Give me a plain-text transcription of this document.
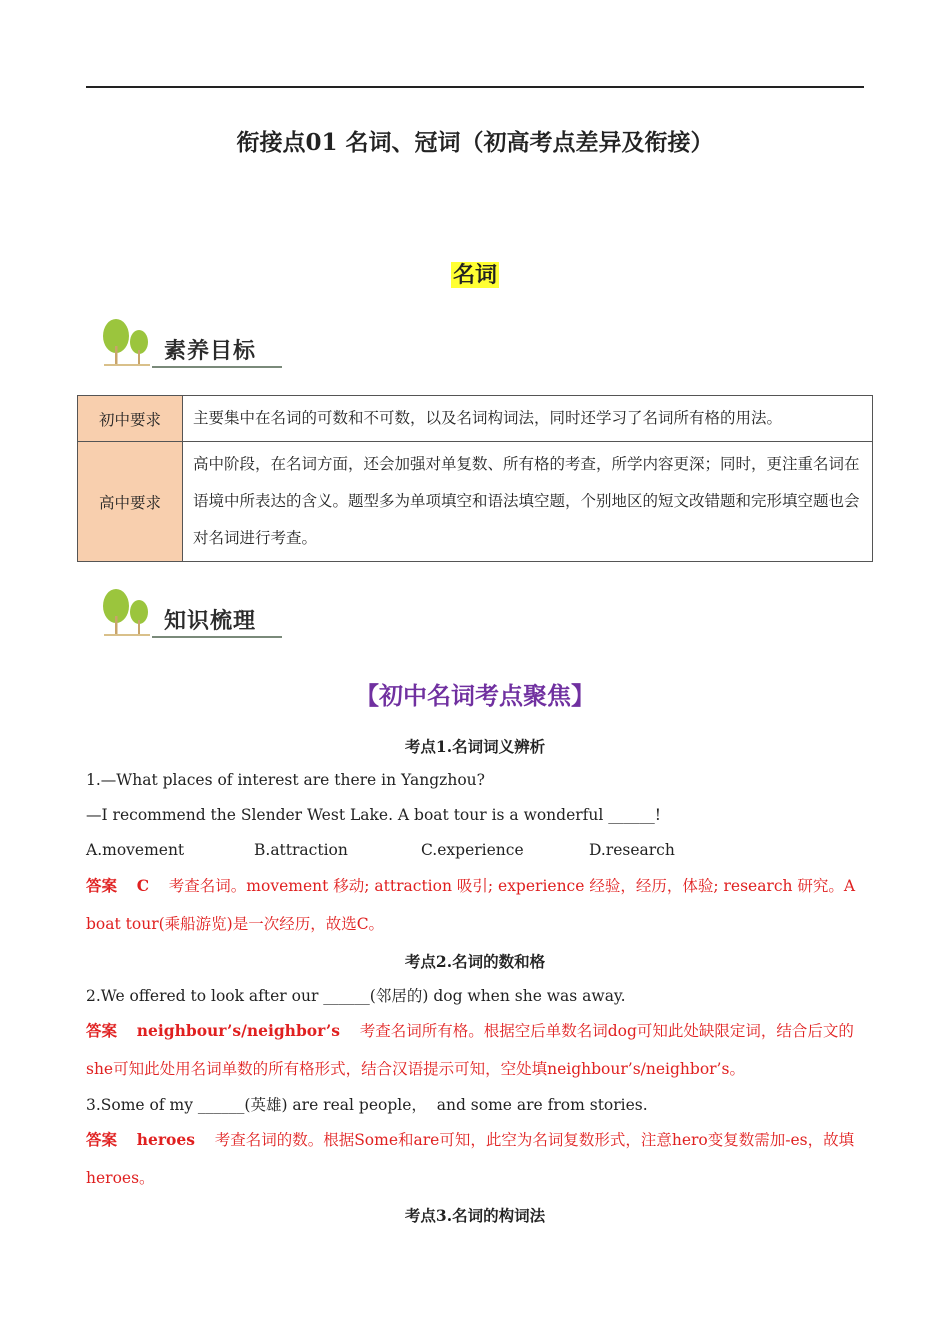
衔接点01 名词、冠词（初高考点差异及衔接）
名词
素养目标
初中要求	主要集中在名词的可数和不可数，以及名词构词法，同时还学习了名词所有格的用法。
高中要求	高中阶段，在名词方面，还会加强对单复数、所有格的考查，所学内容更深；同时，更注重名词在语境中所表达的含义。题型多为单项填空和语法填空题，个别地区的短文改错题和完形填空题也会对名词进行考查。
知识梳理
【初中名词考点聚焦】
考点1.名词词义辨析
1.—What places of interest are there in Yangzhou?
—I recommend the Slender West Lake. A boat tour is a wonderful ______!
A.movement	B.attraction	C.experience	D.research
答案 C 考查名词。movement 移动; attraction 吸引; experience 经验，经历，体验; research 研究。A boat tour(乘船游览)是一次经历，故选C。
考点2.名词的数和格
2.We offered to look after our ______(邻居的) dog when she was away.
答案 neighbour’s/neighbor’s 考查名词所有格。根据空后单数名词dog可知此处缺限定词，结合后文的she可知此处用名词单数的所有格形式，结合汉语提示可知，空处填neighbour’s/neighbor’s。
3.Some of my ______(英雄) are real people，  and some are from stories.
答案 heroes 考查名词的数。根据Some和are可知，此空为名词复数形式，注意hero变复数需加-es，故填heroes。
考点3.名词的构词法
